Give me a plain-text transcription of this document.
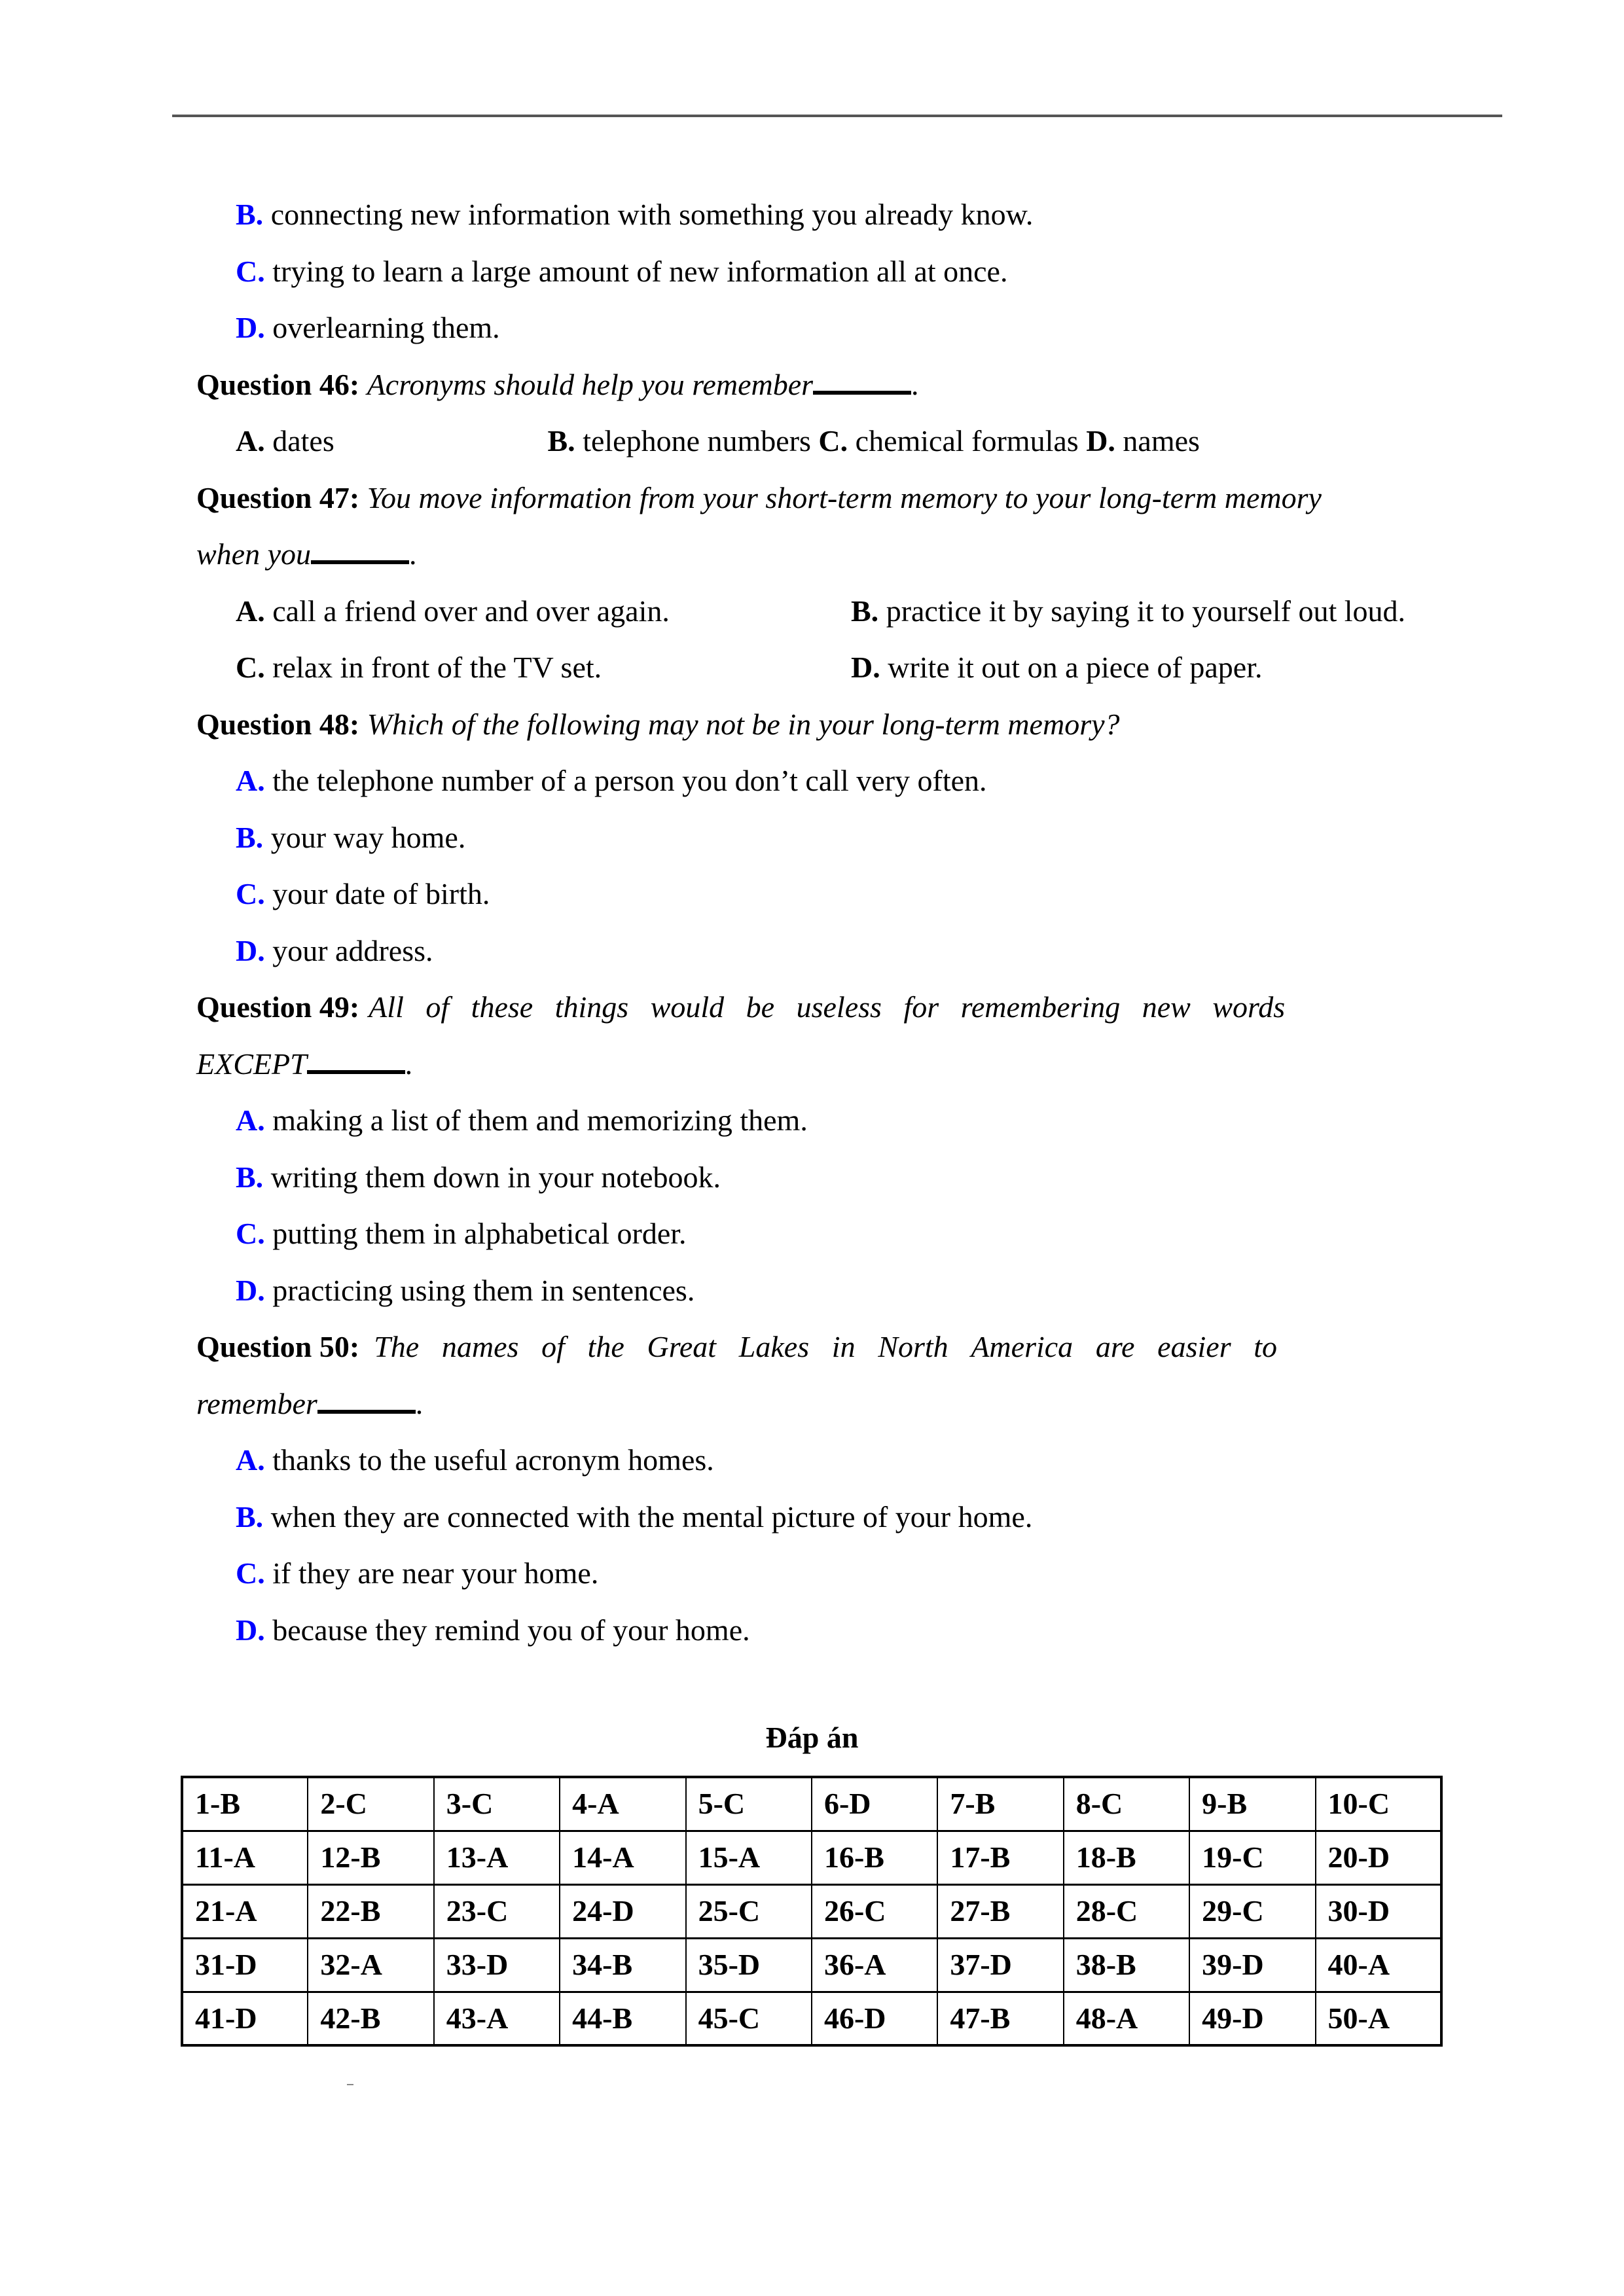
B. connecting new information with something you already know.
C. trying to learn a large amount of new information all at once.
D. overlearning them.
Question 46: Acronyms should help you remember	.
A. dates	B. telephone numbers C. chemical formulas D. names
Question 47: You move information from your short-term memory to your long-term memory
when you	.
A. call a friend over and over again.	B. practice it by saying it to yourself out loud.
C. relax in front of the TV set.	D. write it out on a piece of paper.
Question 48: Which of the following may not be in your long-term memory?
A. the telephone number of a person you don’t call very often.
B. your way home.
C. your date of birth.
D. your address.
Question 49: All of these things would be useless for remembering new words
EXCEPT	.
A. making a list of them and memorizing them.
B. writing them down in your notebook.
C. putting them in alphabetical order.
D. practicing using them in sentences.
Question 50: The names of the Great Lakes in North America are easier to
remember	.
A. thanks to the useful acronym homes.
B. when they are connected with the mental picture of your home.
C. if they are near your home.
D. because they remind you of your home.
Đáp án
1-B	2-C	3-C	4-A	5-C	6-D	7-B	8-C	9-B	10-C
11-A	12-B	13-A	14-A	15-A	16-B	17-B	18-B	19-C	20-D
21-A	22-B	23-C	24-D	25-C	26-C	27-B	28-C	29-C	30-D
31-D	32-A	33-D	34-B	35-D	36-A	37-D	38-B	39-D	40-A
41-D	42-B	43-A	44-B	45-C	46-D	47-B	48-A	49-D	50-A
